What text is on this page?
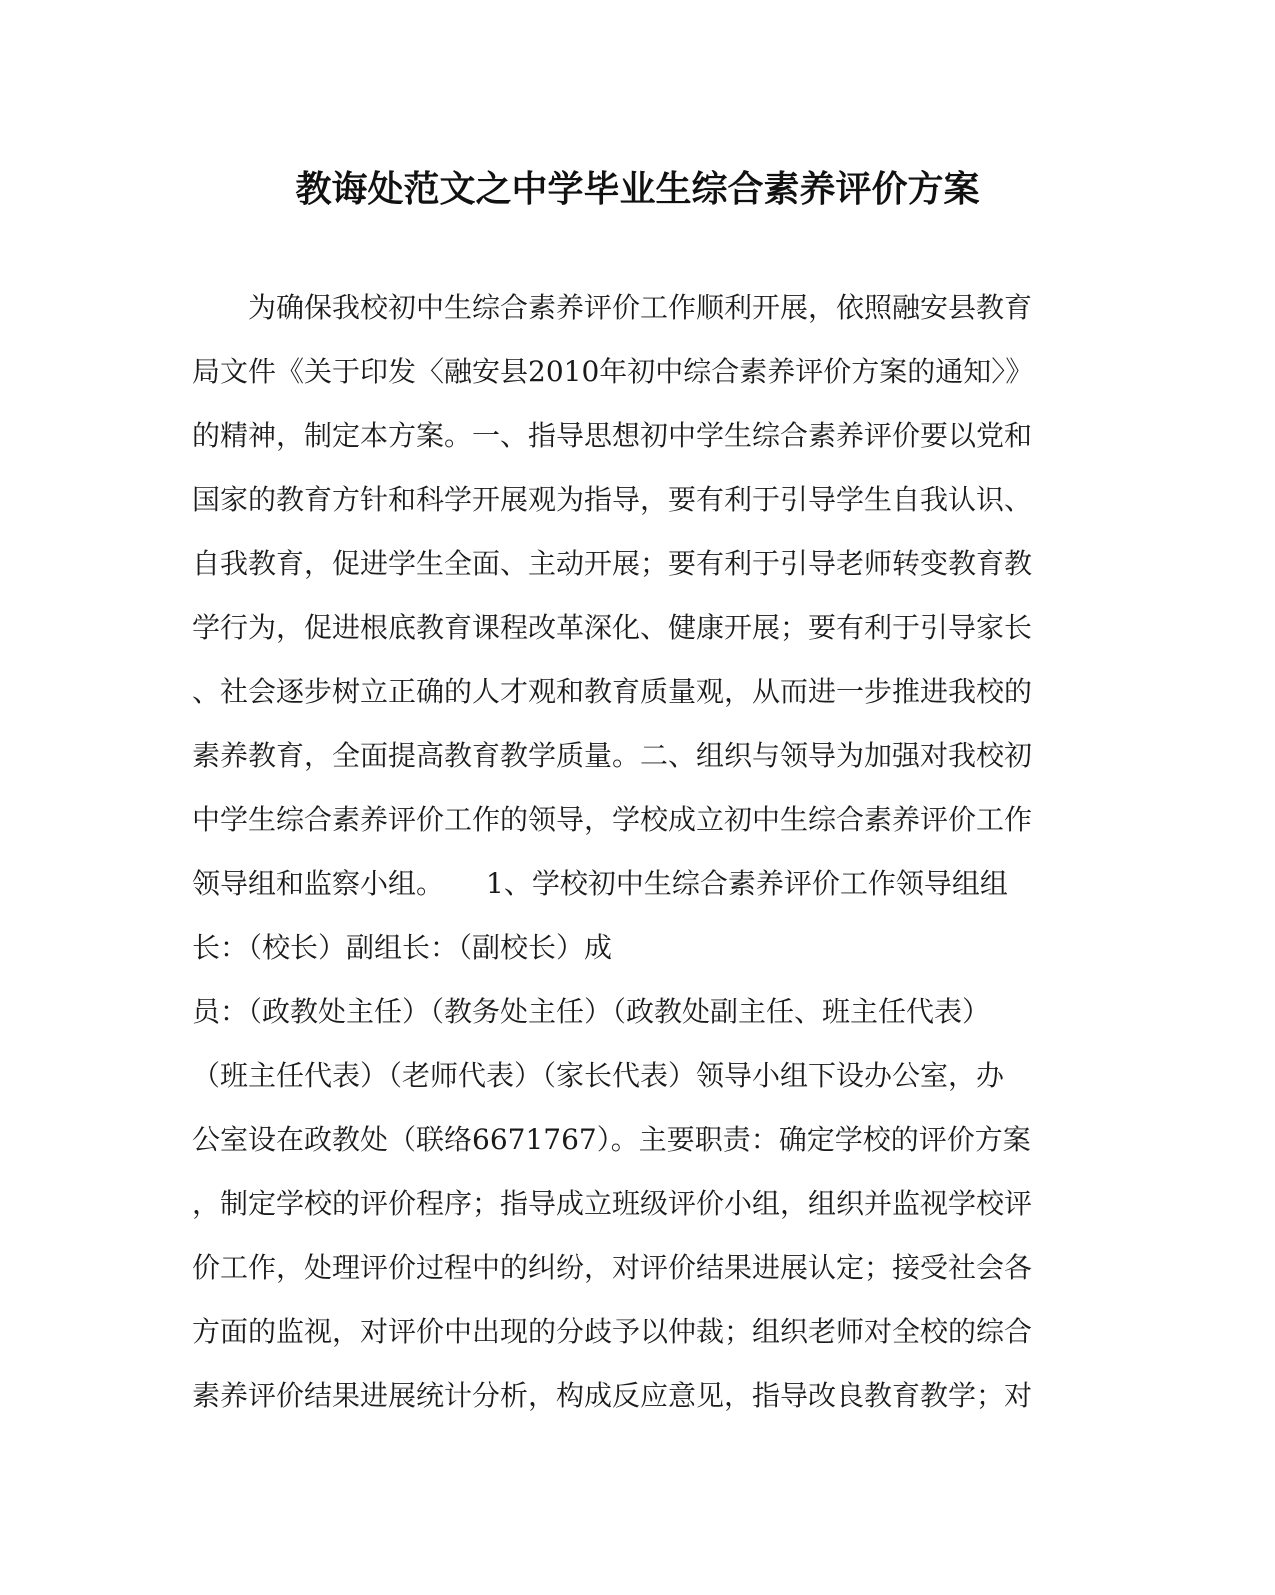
教诲处范文之中学毕业生综合素养评价方案
　　为确保我校初中生综合素养评价工作顺利开展，依照融安县教育
局文件《关于印发〈融安县2010年初中综合素养评价方案的通知〉》
的精神，制定本方案。一、指导思想初中学生综合素养评价要以党和
国家的教育方针和科学开展观为指导，要有利于引导学生自我认识、
自我教育，促进学生全面、主动开展；要有利于引导老师转变教育教
学行为，促进根底教育课程改革深化、健康开展；要有利于引导家长
、社会逐步树立正确的人才观和教育质量观，从而进一步推进我校的
素养教育，全面提高教育教学质量。二、组织与领导为加强对我校初
中学生综合素养评价工作的领导，学校成立初中生综合素养评价工作
领导组和监察小组。　　1、学校初中生综合素养评价工作领导组组
长：（校长）副组长：（副校长）成
员：（政教处主任）（教务处主任）（政教处副主任、班主任代表）
（班主任代表）（老师代表）（家长代表）领导小组下设办公室，办
公室设在政教处（联络6671767）。主要职责：确定学校的评价方案
，制定学校的评价程序；指导成立班级评价小组，组织并监视学校评
价工作，处理评价过程中的纠纷，对评价结果进展认定；接受社会各
方面的监视，对评价中出现的分歧予以仲裁；组织老师对全校的综合
素养评价结果进展统计分析，构成反应意见，指导改良教育教学；对
